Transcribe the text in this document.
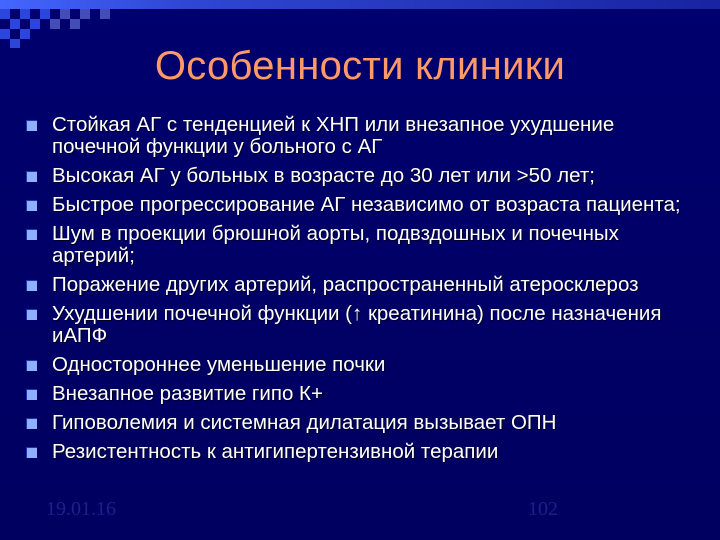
Особенности клиники
Стойкая АГ с тенденцией к ХНП или внезапное ухудшение почечной функции у больного с АГ
Высокая АГ у больных в возрасте до 30 лет или >50 лет;
Быстрое прогрессирование АГ независимо от возраста пациента;
Шум в проекции брюшной аорты, подвздошных и почечных артерий;
Поражение других артерий, распространенный атеросклероз
Ухудшении почечной функции (↑ креатинина) после назначения иАПФ
Одностороннее уменьшение почки
Внезапное развитие гипо К+
Гиповолемия и системная дилатация вызывает ОПН
Резистентность к антигипертензивной терапии
19.01.16	102
